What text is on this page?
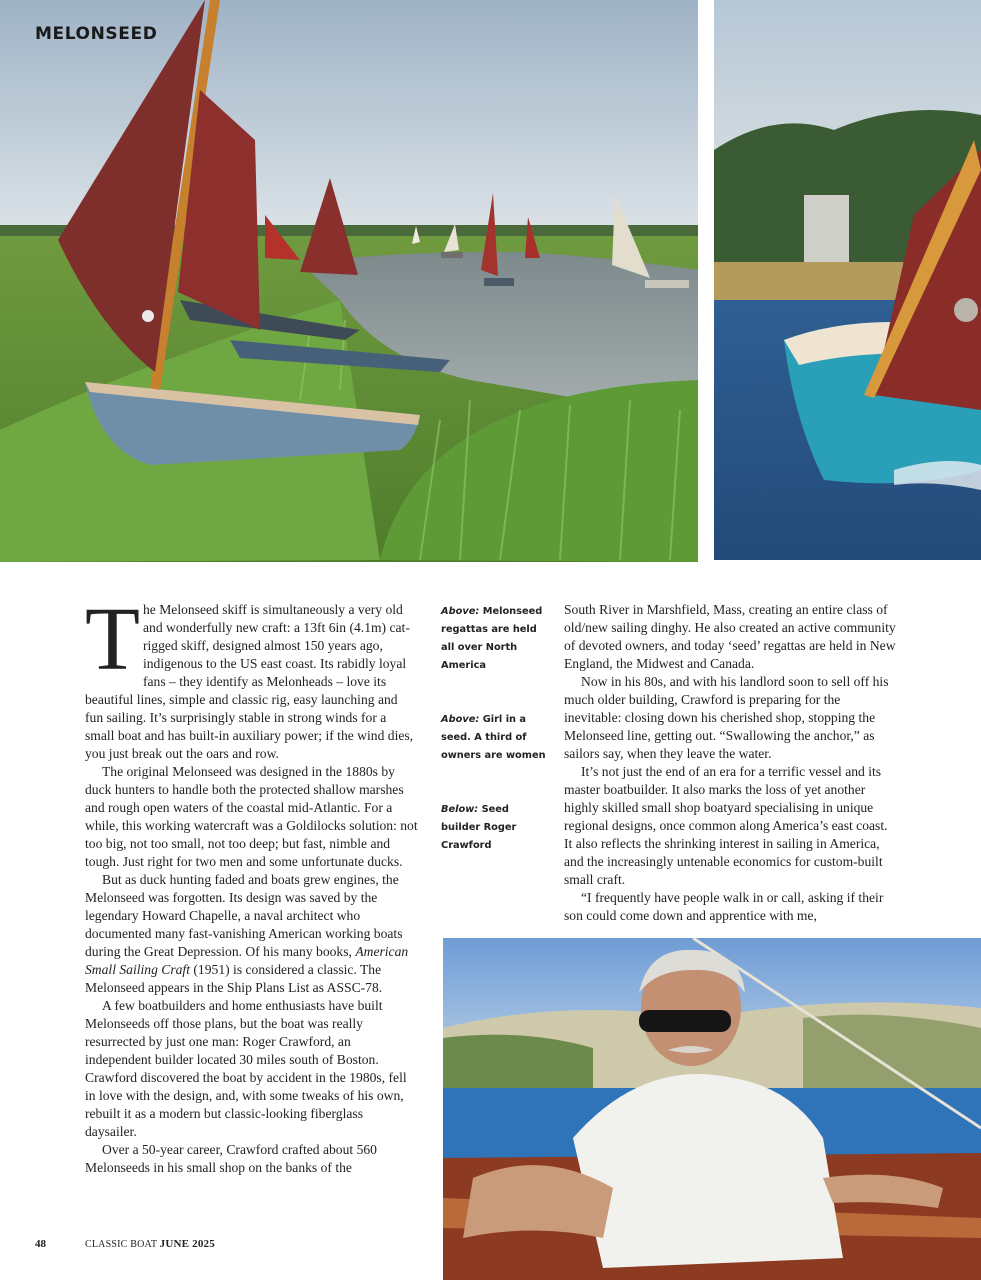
MELONSEED

The Melonseed skiff is simultaneously a very old and wonderfully new craft: a 13ft 6in (4.1m) cat-rigged skiff, designed almost 150 years ago, indigenous to the US east coast. Its rabidly loyal fans – they identify as Melonheads – love its beautiful lines, simple and classic rig, easy launching and fun sailing. It’s surprisingly stable in strong winds for a small boat and has built-in auxiliary power; if the wind dies, you just break out the oars and row.

The original Melonseed was designed in the 1880s by duck hunters to handle both the protected shallow marshes and rough open waters of the coastal mid-Atlantic. For a while, this working watercraft was a Goldilocks solution: not too big, not too small, not too deep; but fast, nimble and tough. Just right for two men and some unfortunate ducks.

But as duck hunting faded and boats grew engines, the Melonseed was forgotten. Its design was saved by the legendary Howard Chapelle, a naval architect who documented many fast-vanishing American working boats during the Great Depression. Of his many books, American Small Sailing Craft (1951) is considered a classic. The Melonseed appears in the Ship Plans List as ASSC-78.

A few boatbuilders and home enthusiasts have built Melonseeds off those plans, but the boat was really resurrected by just one man: Roger Crawford, an independent builder located 30 miles south of Boston. Crawford discovered the boat by accident in the 1980s, fell in love with the design, and, with some tweaks of his own, rebuilt it as a modern but classic-looking fiberglass daysailer.

Over a 50-year career, Crawford crafted about 560 Melonseeds in his small shop on the banks of the

Above: Melonseed regattas are held all over North America
Above: Girl in a seed. A third of owners are women
Below: Seed builder Roger Crawford

South River in Marshfield, Mass, creating an entire class of old/new sailing dinghy. He also created an active community of devoted owners, and today ‘seed’ regattas are held in New England, the Midwest and Canada.

Now in his 80s, and with his landlord soon to sell off his much older building, Crawford is preparing for the inevitable: closing down his cherished shop, stopping the Melonseed line, getting out. “Swallowing the anchor,” as sailors say, when they leave the water.

It’s not just the end of an era for a terrific vessel and its master boatbuilder. It also marks the loss of yet another highly skilled small shop boatyard specialising in unique regional designs, once common along America’s east coast. It also reflects the shrinking interest in sailing in America, and the increasingly untenable economics for custom-built small craft.

“I frequently have people walk in or call, asking if their son could come down and apprentice with me,

48	CLASSIC BOAT JUNE 2025
